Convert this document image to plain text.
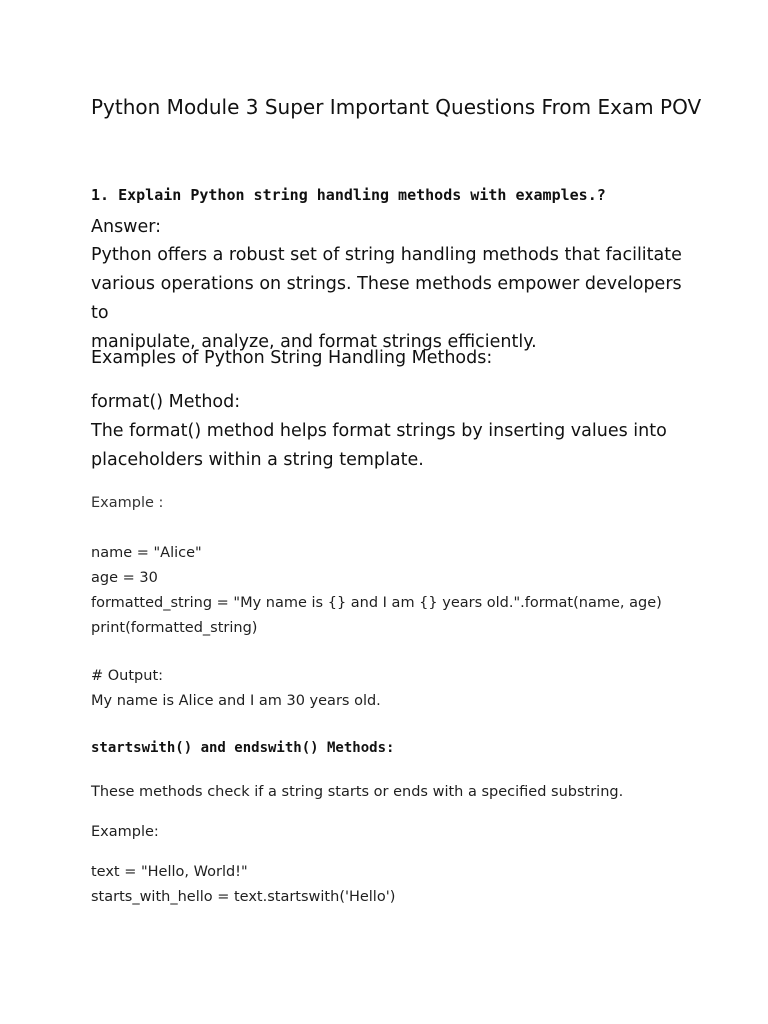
Python Module 3 Super Important Questions From Exam POV
1. Explain Python string handling methods with examples.?
Answer:
Python offers a robust set of string handling methods that facilitate
various operations on strings. These methods empower developers to
manipulate, analyze, and format strings efficiently.
Examples of Python String Handling Methods:
format() Method:
The format() method helps format strings by inserting values into
placeholders within a string template.
Example :
name = "Alice"
age = 30
formatted_string = "My name is {} and I am {} years old.".format(name, age)
print(formatted_string)
# Output:
My name is Alice and I am 30 years old.
startswith() and endswith() Methods:
These methods check if a string starts or ends with a specified substring.
Example:
text = "Hello, World!"
starts_with_hello = text.startswith('Hello')
